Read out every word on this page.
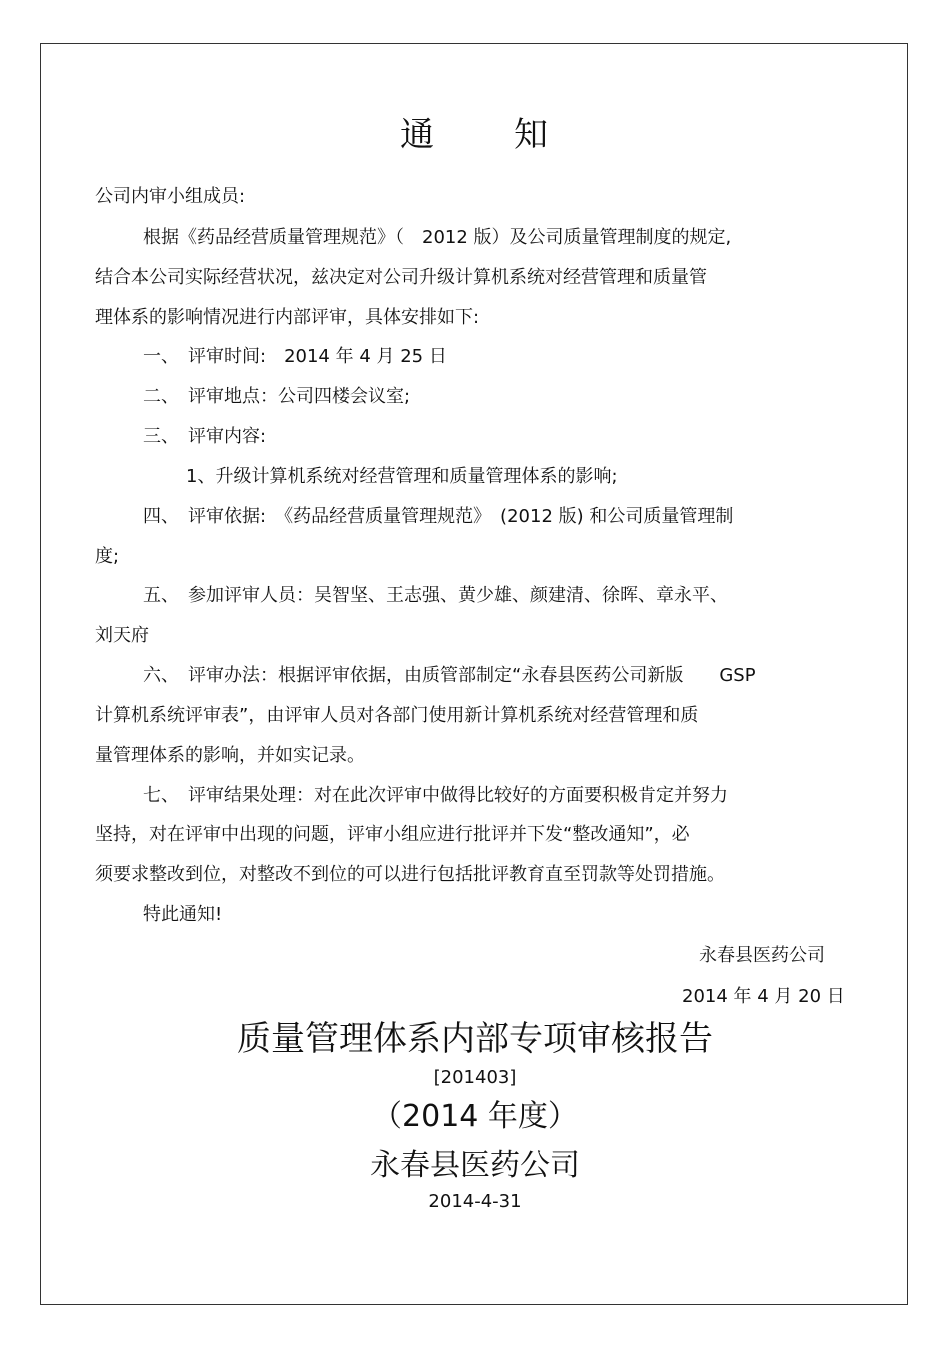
通 知
公司内审小组成员:
根据《药品经营质量管理规范》（　2012 版）及公司质量管理制度的规定,
结合本公司实际经营状况，兹决定对公司升级计算机系统对经营管理和质量管
理体系的影响情况进行内部评审，具体安排如下:
一、　评审时间:　2014 年 4 月 25 日
二、　评审地点：公司四楼会议室;
三、　评审内容:
1、升级计算机系统对经营管理和质量管理体系的影响;
四、　评审依据:　《药品经营质量管理规范》　(2012 版) 和公司质量管理制
度;
五、　参加评审人员：吴智坚、王志强、黄少雄、颜建清、徐晖、章永平、
刘天府
六、　评审办法：根据评审依据，由质管部制定“永春县医药公司新版　　GSP
计算机系统评审表”，由评审人员对各部门使用新计算机系统对经营管理和质
量管理体系的影响，并如实记录。
七、　评审结果处理：对在此次评审中做得比较好的方面要积极肯定并努力
坚持，对在评审中出现的问题，评审小组应进行批评并下发“整改通知”，必
须要求整改到位，对整改不到位的可以进行包括批评教育直至罚款等处罚措施。
特此通知!
永春县医药公司
2014 年 4 月 20 日
质量管理体系内部专项审核报告
[201403]
（2014 年度）
永春县医药公司
2014-4-31
